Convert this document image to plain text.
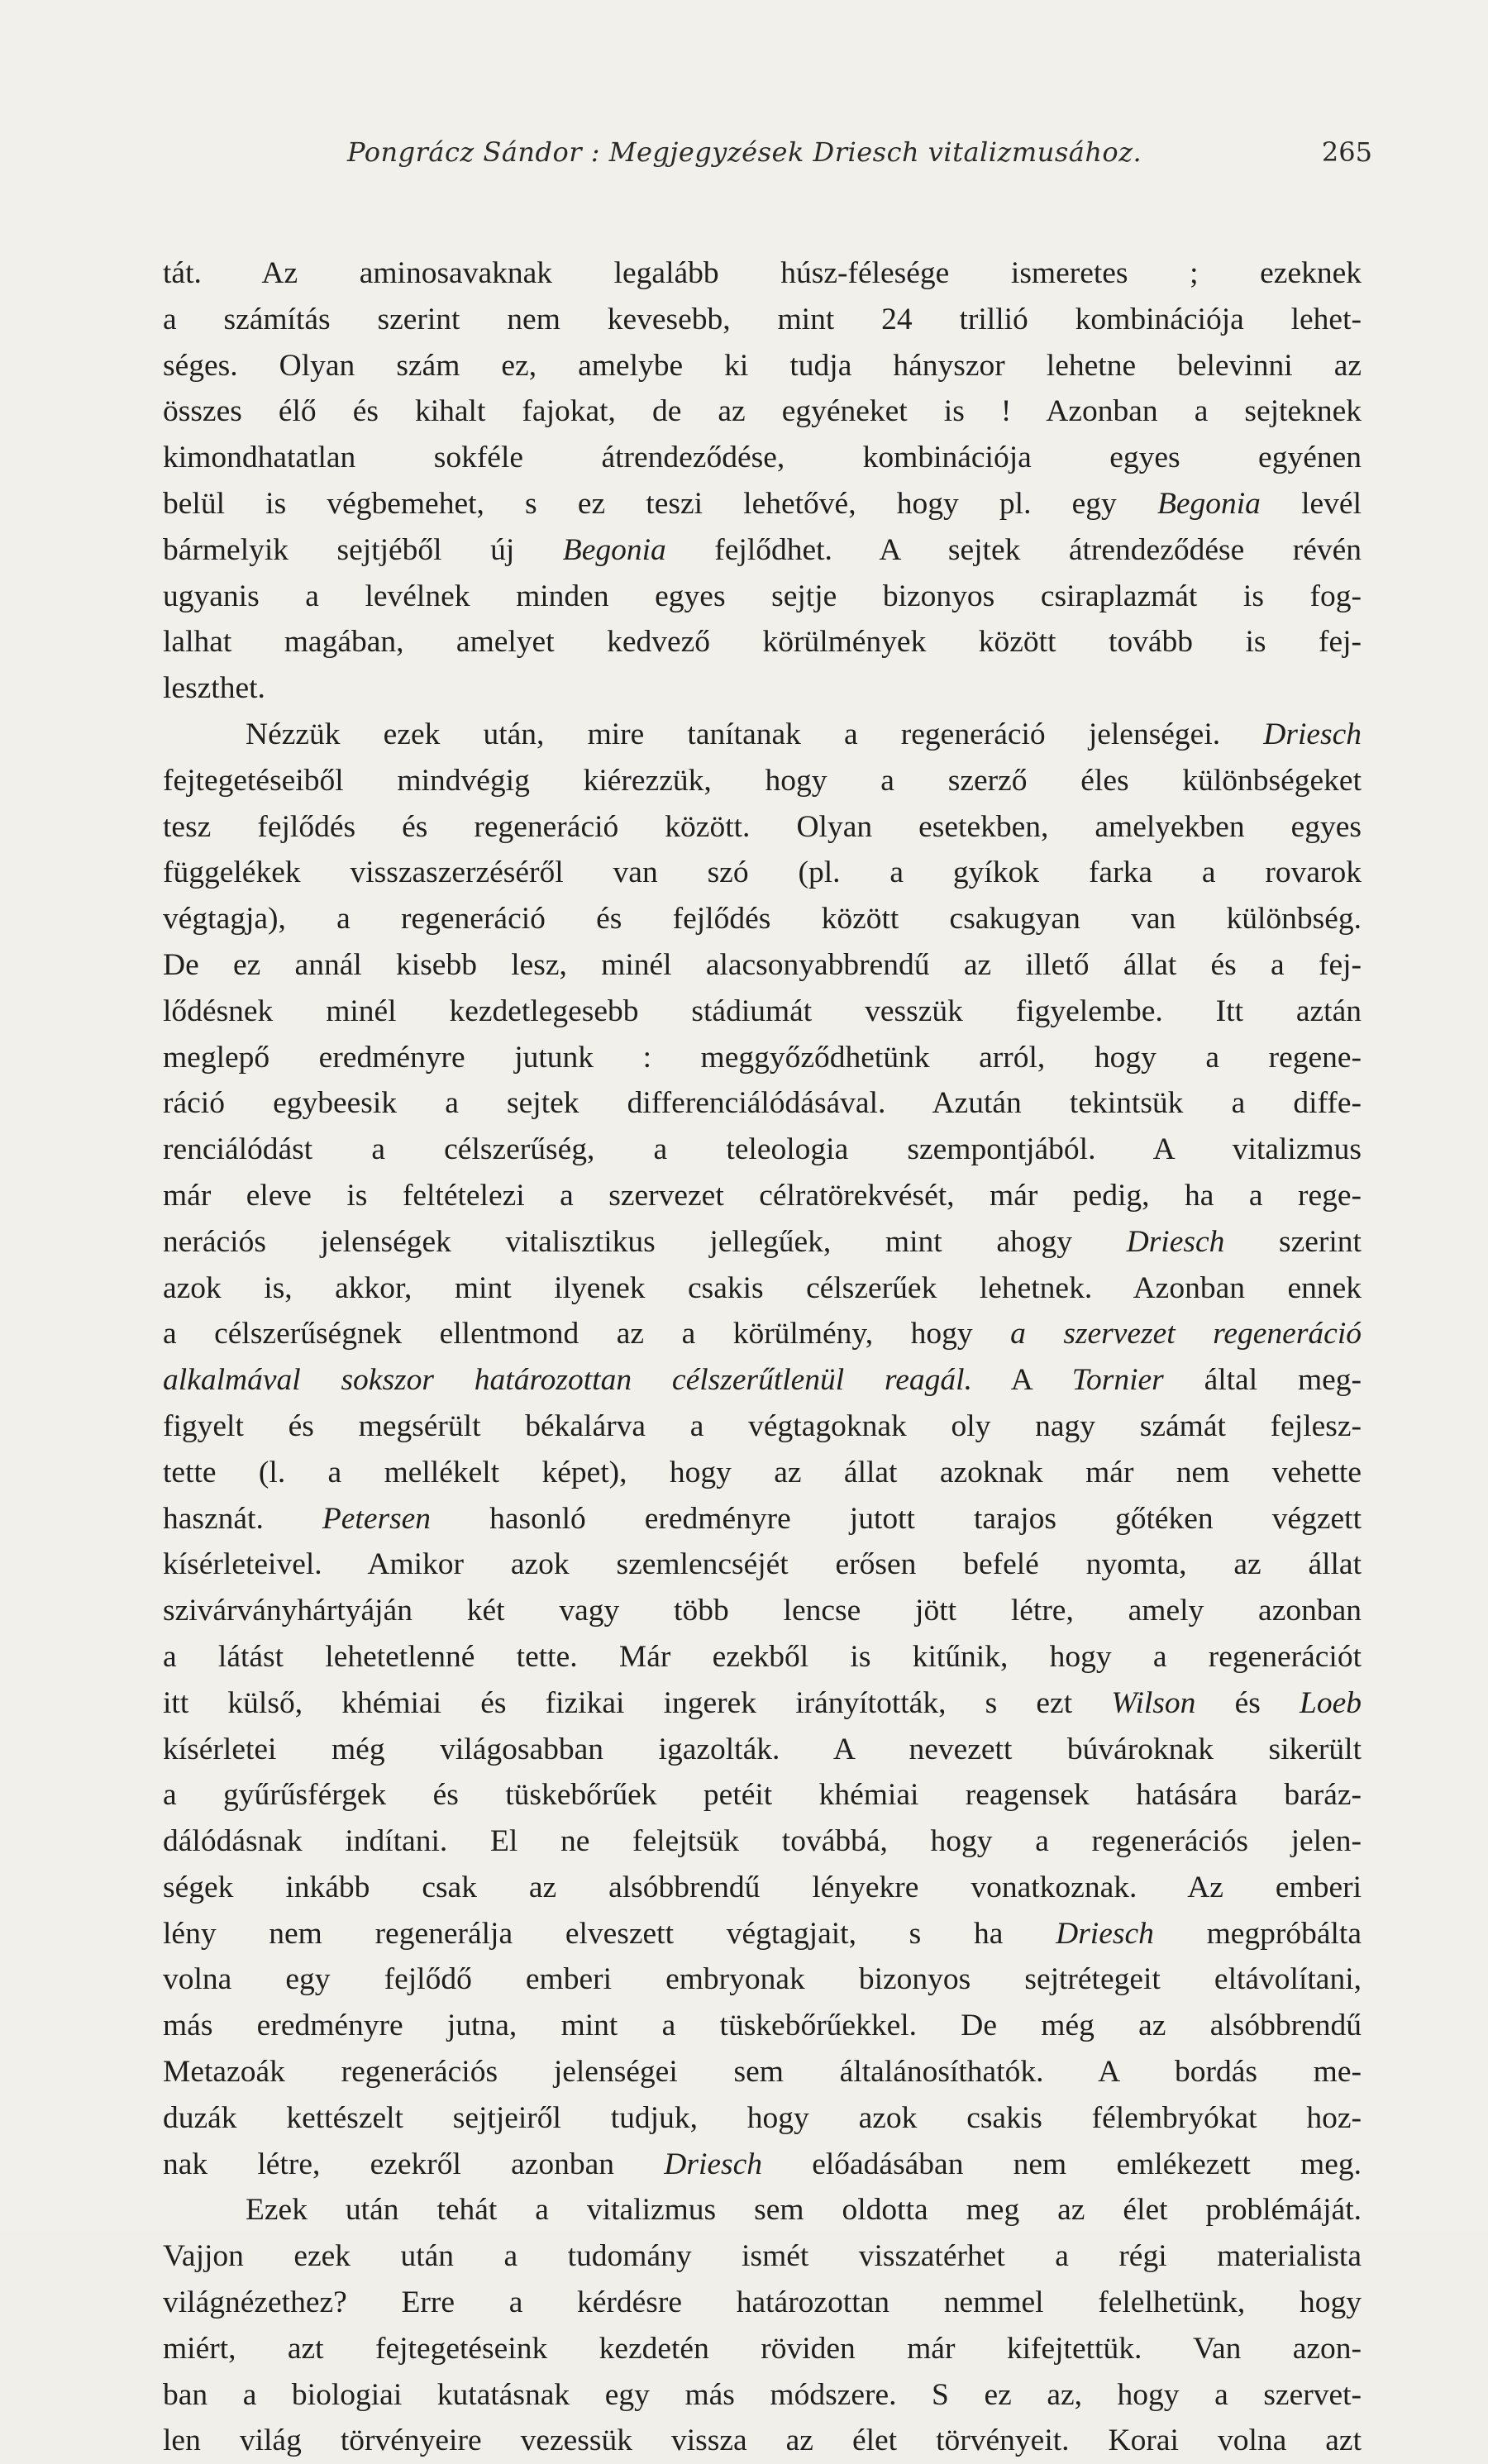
Pongrácz Sándor : Megjegyzések Driesch vitalizmusához.	265
tát. Az aminosavaknak legalább húsz-félesége ismeretes ; ezeknek
a számítás szerint nem kevesebb, mint 24 trillió kombinációja lehet-
séges. Olyan szám ez, amelybe ki tudja hányszor lehetne belevinni az
összes élő és kihalt fajokat, de az egyéneket is ! Azonban a sejteknek
kimondhatatlan sokféle átrendeződése, kombinációja egyes egyénen
belül is végbemehet, s ez teszi lehetővé, hogy pl. egy Begonia levél
bármelyik sejtjéből új Begonia fejlődhet. A sejtek átrendeződése révén
ugyanis a levélnek minden egyes sejtje bizonyos csiraplazmát is fog-
lalhat magában, amelyet kedvező körülmények között tovább is fej-
leszthet.
Nézzük ezek után, mire tanítanak a regeneráció jelenségei. Driesch
fejtegetéseiből mindvégig kiérezzük, hogy a szerző éles különbségeket
tesz fejlődés és regeneráció között. Olyan esetekben, amelyekben egyes
függelékek visszaszerzéséről van szó (pl. a gyíkok farka a rovarok
végtagja), a regeneráció és fejlődés között csakugyan van különbség.
De ez annál kisebb lesz, minél alacsonyabbrendű az illető állat és a fej-
lődésnek minél kezdetlegesebb stádiumát vesszük figyelembe. Itt aztán
meglepő eredményre jutunk : meggyőződhetünk arról, hogy a regene-
ráció egybeesik a sejtek differenciálódásával. Azután tekintsük a diffe-
renciálódást a célszerűség, a teleologia szempontjából. A vitalizmus
már eleve is feltételezi a szervezet célratörekvését, már pedig, ha a rege-
nerációs jelenségek vitalisztikus jellegűek, mint ahogy Driesch szerint
azok is, akkor, mint ilyenek csakis célszerűek lehetnek. Azonban ennek
a célszerűségnek ellentmond az a körülmény, hogy a szervezet regeneráció
alkalmával sokszor határozottan célszerűtlenül reagál. A Tornier által meg-
figyelt és megsérült békalárva a végtagoknak oly nagy számát fejlesz-
tette (l. a mellékelt képet), hogy az állat azoknak már nem vehette
hasznát. Petersen hasonló eredményre jutott tarajos gőtéken végzett
kísérleteivel. Amikor azok szemlencséjét erősen befelé nyomta, az állat
szivárványhártyáján két vagy több lencse jött létre, amely azonban
a látást lehetetlenné tette. Már ezekből is kitűnik, hogy a regenerációt
itt külső, khémiai és fizikai ingerek irányították, s ezt Wilson és Loeb
kísérletei még világosabban igazolták. A nevezett búvároknak sikerült
a gyűrűsférgek és tüskebőrűek petéit khémiai reagensek hatására baráz-
dálódásnak indítani. El ne felejtsük továbbá, hogy a regenerációs jelen-
ségek inkább csak az alsóbbrendű lényekre vonatkoznak. Az emberi
lény nem regenerálja elveszett végtagjait, s ha Driesch megpróbálta
volna egy fejlődő emberi embryonak bizonyos sejtrétegeit eltávolítani,
más eredményre jutna, mint a tüskebőrűekkel. De még az alsóbbrendű
Metazoák regenerációs jelenségei sem általánosíthatók. A bordás me-
duzák kettészelt sejtjeiről tudjuk, hogy azok csakis félembryókat hoz-
nak létre, ezekről azonban Driesch előadásában nem emlékezett meg.
Ezek után tehát a vitalizmus sem oldotta meg az élet problémáját.
Vajjon ezek után a tudomány ismét visszatérhet a régi materialista
világnézethez? Erre a kérdésre határozottan nemmel felelhetünk, hogy
miért, azt fejtegetéseink kezdetén röviden már kifejtettük. Van azon-
ban a biologiai kutatásnak egy más módszere. S ez az, hogy a szervet-
len világ törvényeire vezessük vissza az élet törvényeit. Korai volna azt
